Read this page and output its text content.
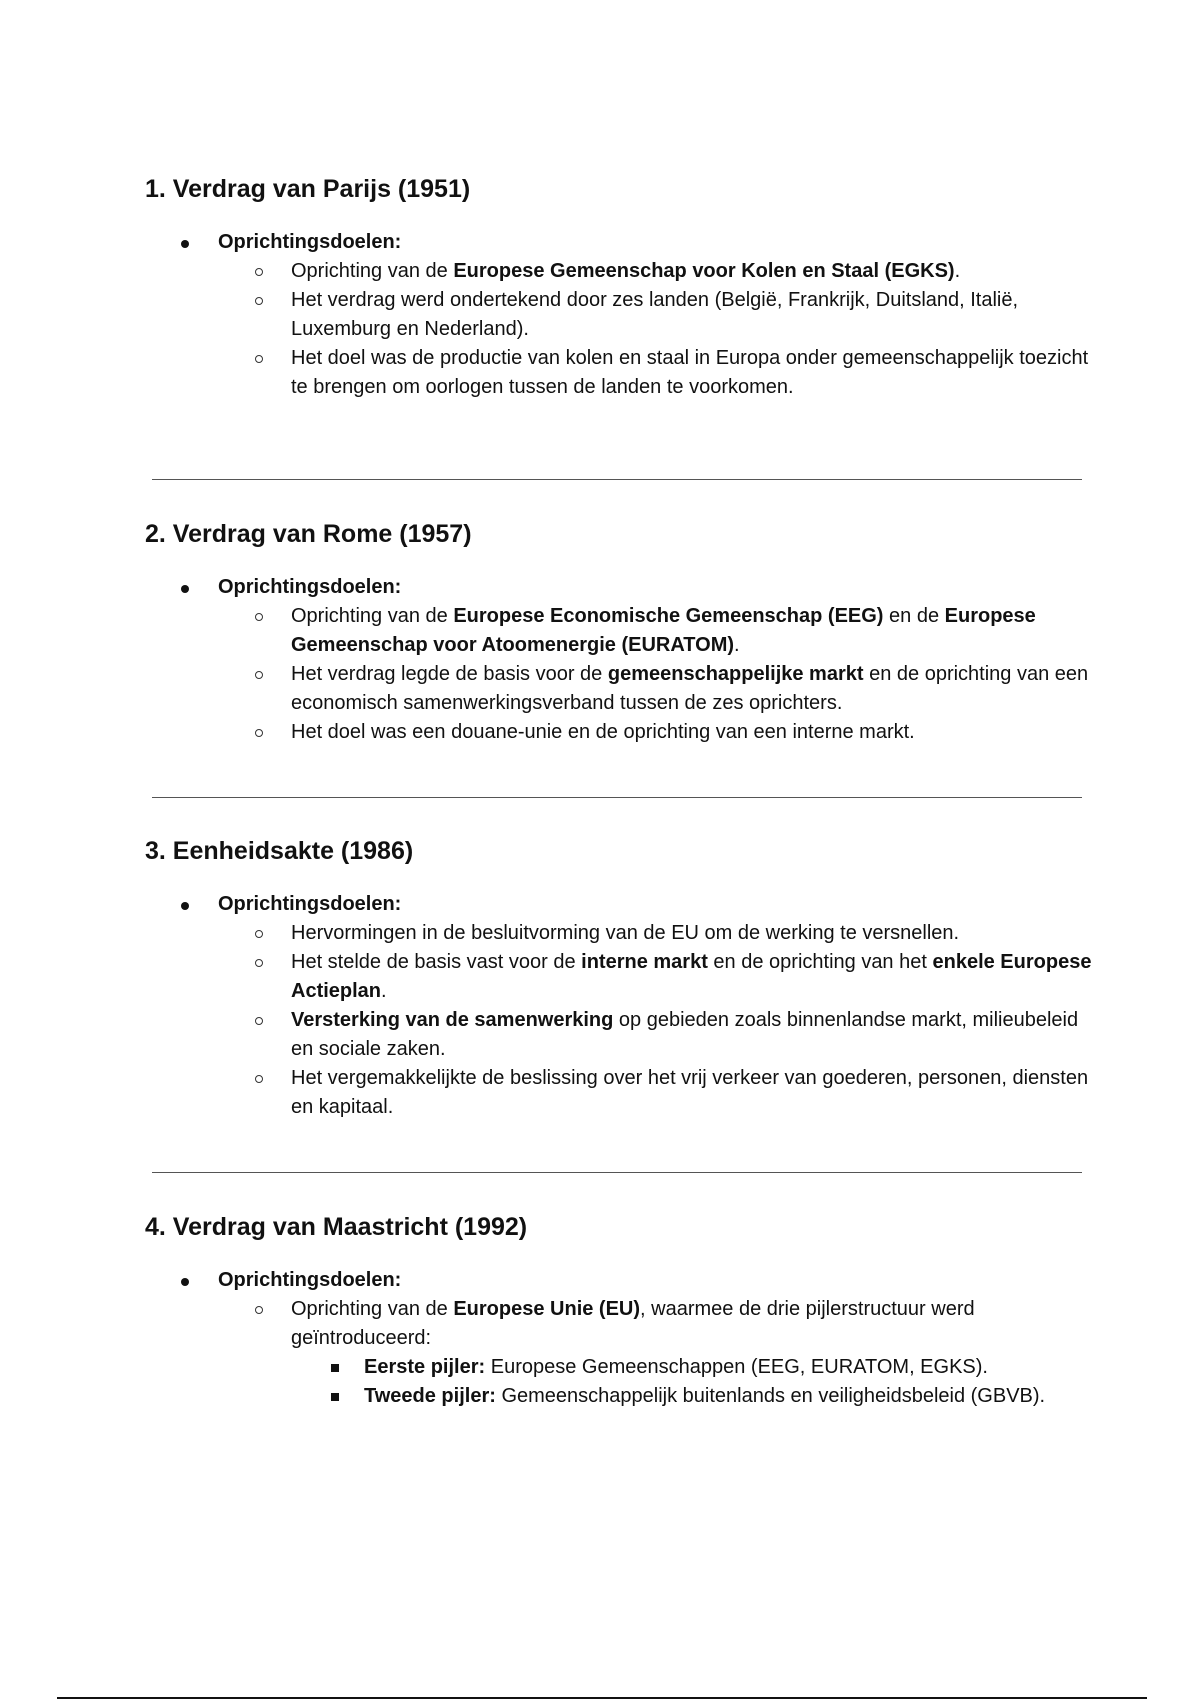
1. Verdrag van Parijs (1951)
Oprichtingsdoelen:
Oprichting van de Europese Gemeenschap voor Kolen en Staal (EGKS).
Het verdrag werd ondertekend door zes landen (België, Frankrijk, Duitsland, Italië, Luxemburg en Nederland).
Het doel was de productie van kolen en staal in Europa onder gemeenschappelijk toezicht te brengen om oorlogen tussen de landen te voorkomen.
2. Verdrag van Rome (1957)
Oprichtingsdoelen:
Oprichting van de Europese Economische Gemeenschap (EEG) en de Europese Gemeenschap voor Atoomenergie (EURATOM).
Het verdrag legde de basis voor de gemeenschappelijke markt en de oprichting van een economisch samenwerkingsverband tussen de zes oprichters.
Het doel was een douane-unie en de oprichting van een interne markt.
3. Eenheidsakte (1986)
Oprichtingsdoelen:
Hervormingen in de besluitvorming van de EU om de werking te versnellen.
Het stelde de basis vast voor de interne markt en de oprichting van het enkele Europese Actieplan.
Versterking van de samenwerking op gebieden zoals binnenlandse markt, milieubeleid en sociale zaken.
Het vergemakkelijkte de beslissing over het vrij verkeer van goederen, personen, diensten en kapitaal.
4. Verdrag van Maastricht (1992)
Oprichtingsdoelen:
Oprichting van de Europese Unie (EU), waarmee de drie pijlerstructuur werd geïntroduceerd:
Eerste pijler: Europese Gemeenschappen (EEG, EURATOM, EGKS).
Tweede pijler: Gemeenschappelijk buitenlands en veiligheidsbeleid (GBVB).
